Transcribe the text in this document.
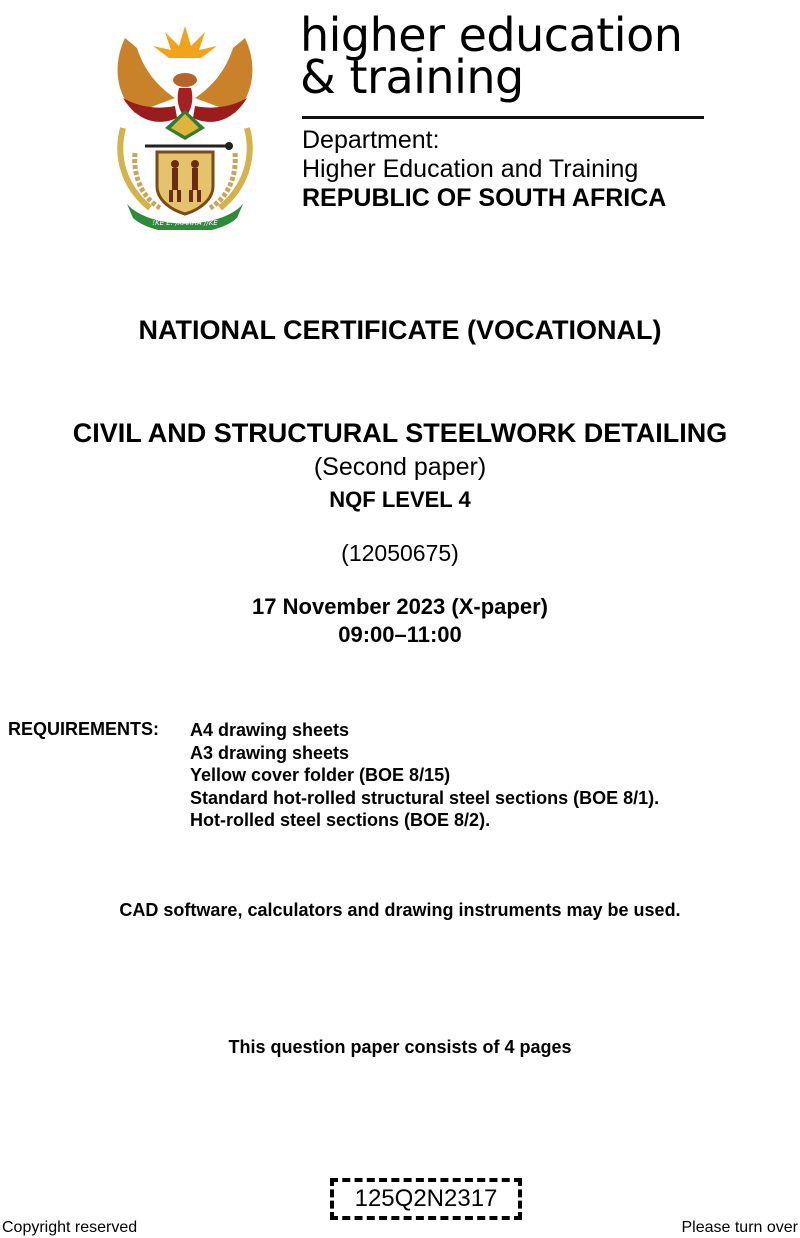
!KE E: /XARRA //KE
higher education
& training
Department:
Higher Education and Training
REPUBLIC OF SOUTH AFRICA
NATIONAL CERTIFICATE (VOCATIONAL)
CIVIL AND STRUCTURAL STEELWORK DETAILING
(Second paper)
NQF LEVEL 4
(12050675)
17 November 2023 (X-paper)
09:00–11:00
REQUIREMENTS: A4 drawing sheets
A3 drawing sheets
Yellow cover folder (BOE 8/15)
Standard hot-rolled structural steel sections (BOE 8/1).
Hot-rolled steel sections (BOE 8/2).
CAD software, calculators and drawing instruments may be used.
This question paper consists of 4 pages
125Q2N2317
Copyright reserved	Please turn over
